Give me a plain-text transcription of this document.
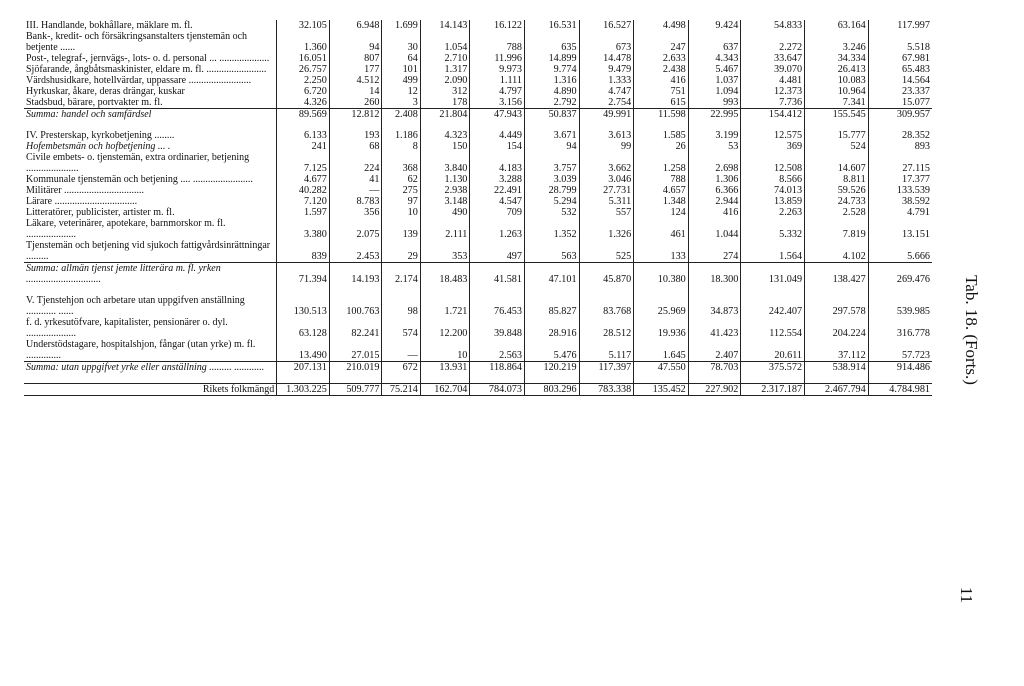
III. Handlande, bokhållare, mäklare m. fl.	32.105	6.948	1.699	14.143	16.122	16.531	16.527	4.498	9.424	54.833	63.164	117.997
Bank-, kredit- och försäkringsanstalters tjenstemän och betjente ......	1.360	94	30	1.054	788	635	673	247	637	2.272	3.246	5.518
Post-, telegraf-, jernvägs-, lots- o. d. personal ... ....................	16.051	807	64	2.710	11.996	14.899	14.478	2.633	4.343	33.647	34.334	67.981
Sjöfarande, ångbåtsmaskinister, eldare m. fl. ........................	26.757	177	101	1.317	9.973	9.774	9.479	2.438	5.467	39.070	26.413	65.483
Värdshusidkare, hotellvärdar, uppassare .........................	2.250	4.512	499	2.090	1.111	1.316	1.333	416	1.037	4.481	10.083	14.564
Hyrkuskar, åkare, deras drängar, kuskar	6.720	14	12	312	4.797	4.890	4.747	751	1.094	12.373	10.964	23.337
Stadsbud, bärare, portvakter m. fl.	4.326	260	3	178	3.156	2.792	2.754	615	993	7.736	7.341	15.077
Summa: handel och samfärdsel	89.569	12.812	2.408	21.804	47.943	50.837	49.991	11.598	22.995	154.412	155.545	309.957

IV. Presterskap, kyrkobetjening ........	6.133	193	1.186	4.323	4.449	3.671	3.613	1.585	3.199	12.575	15.777	28.352
Hofembetsmän och hofbetjening ... .	241	68	8	150	154	94	99	26	53	369	524	893
Civile embets- o. tjenstemän, extra ordinarier, betjening .....................	7.125	224	368	3.840	4.183	3.757	3.662	1.258	2.698	12.508	14.607	27.115
Kommunale tjenstemän och betjening .... ........................	4.677	41	62	1.130	3.288	3.039	3.046	788	1.306	8.566	8.811	17.377
Militärer ................................	40.282	—	275	2.938	22.491	28.799	27.731	4.657	6.366	74.013	59.526	133.539
Lärare .................................	7.120	8.783	97	3.148	4.547	5.294	5.311	1.348	2.944	13.859	24.733	38.592
Litteratörer, publicister, artister m. fl.	1.597	356	10	490	709	532	557	124	416	2.263	2.528	4.791
Läkare, veterinärer, apotekare, barnmorskor m. fl. ....................	3.380	2.075	139	2.111	1.263	1.352	1.326	461	1.044	5.332	7.819	13.151
Tjenstemän och betjening vid sjukoch fattigvårdsinrättningar .........	839	2.453	29	353	497	563	525	133	274	1.564	4.102	5.666
Summa: allmän tjenst jemte litterära m. fl. yrken ..............................	71.394	14.193	2.174	18.483	41.581	47.101	45.870	10.380	18.300	131.049	138.427	269.476

V. Tjenstehjon och arbetare utan uppgifven anställning ............ ......	130.513	100.763	98	1.721	76.453	85.827	83.768	25.969	34.873	242.407	297.578	539.985
f. d. yrkesutöfvare, kapitalister, pensionärer o. dyl. ....................	63.128	82.241	574	12.200	39.848	28.916	28.512	19.936	41.423	112.554	204.224	316.778
Understödstagare, hospitalshjon, fångar (utan yrke) m. fl. ..............	13.490	27.015	—	10	2.563	5.476	5.117	1.645	2.407	20.611	37.112	57.723
Summa: utan uppgifvet yrke eller anställning ......... ............	207.131	210.019	672	13.931	118.864	120.219	117.397	47.550	78.703	375.572	538.914	914.486

Rikets folkmängd	1.303.225	509.777	75.214	162.704	784.073	803.296	783.338	135.452	227.902	2.317.187	2.467.794	4.784.981
Tab. 18. (Forts.)
11
